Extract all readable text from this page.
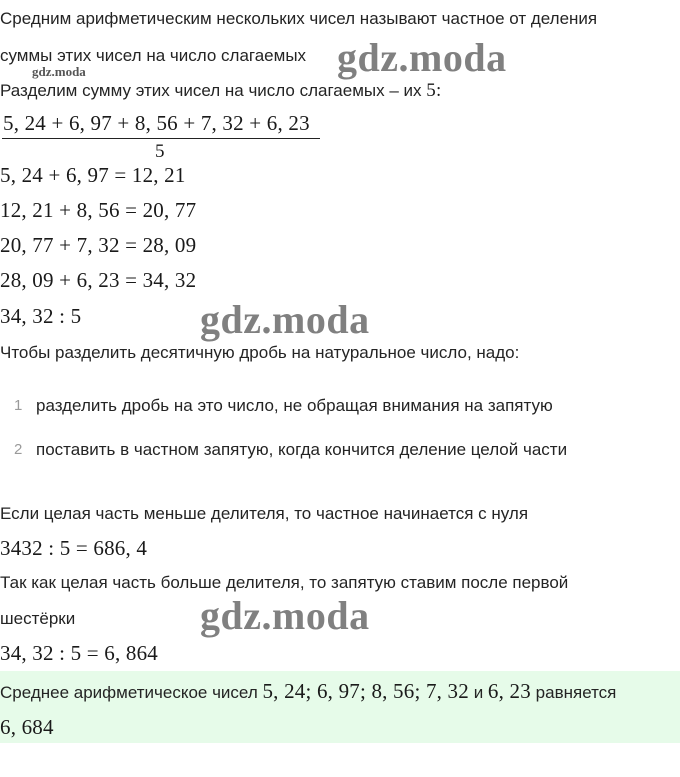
Средним арифметическим нескольких чисел называют частное от деления
суммы этих чисел на число слагаемых gdz.moda
gdz.moda
Разделим сумму этих чисел на число слагаемых – их 5:
5, 24 + 6, 97 + 8, 56 + 7, 32 + 6, 23
5
5, 24 + 6, 97 = 12, 21
12, 21 + 8, 56 = 20, 77
20, 77 + 7, 32 = 28, 09
28, 09 + 6, 23 = 34, 32
34, 32 : 5	gdz.moda
Чтобы разделить десятичную дробь на натуральное число, надо:
1 разделить дробь на это число, не обращая внимания на запятую
2 поставить в частном запятую, когда кончится деление целой части
Если целая часть меньше делителя, то частное начинается с нуля
3432 : 5 = 686, 4
Так как целая часть больше делителя, то запятую ставим после первой
шестёрки	gdz.moda
34, 32 : 5 = 6, 864
Среднее арифметическое чисел 5, 24; 6, 97; 8, 56; 7, 32 и 6, 23 равняется
6, 684
